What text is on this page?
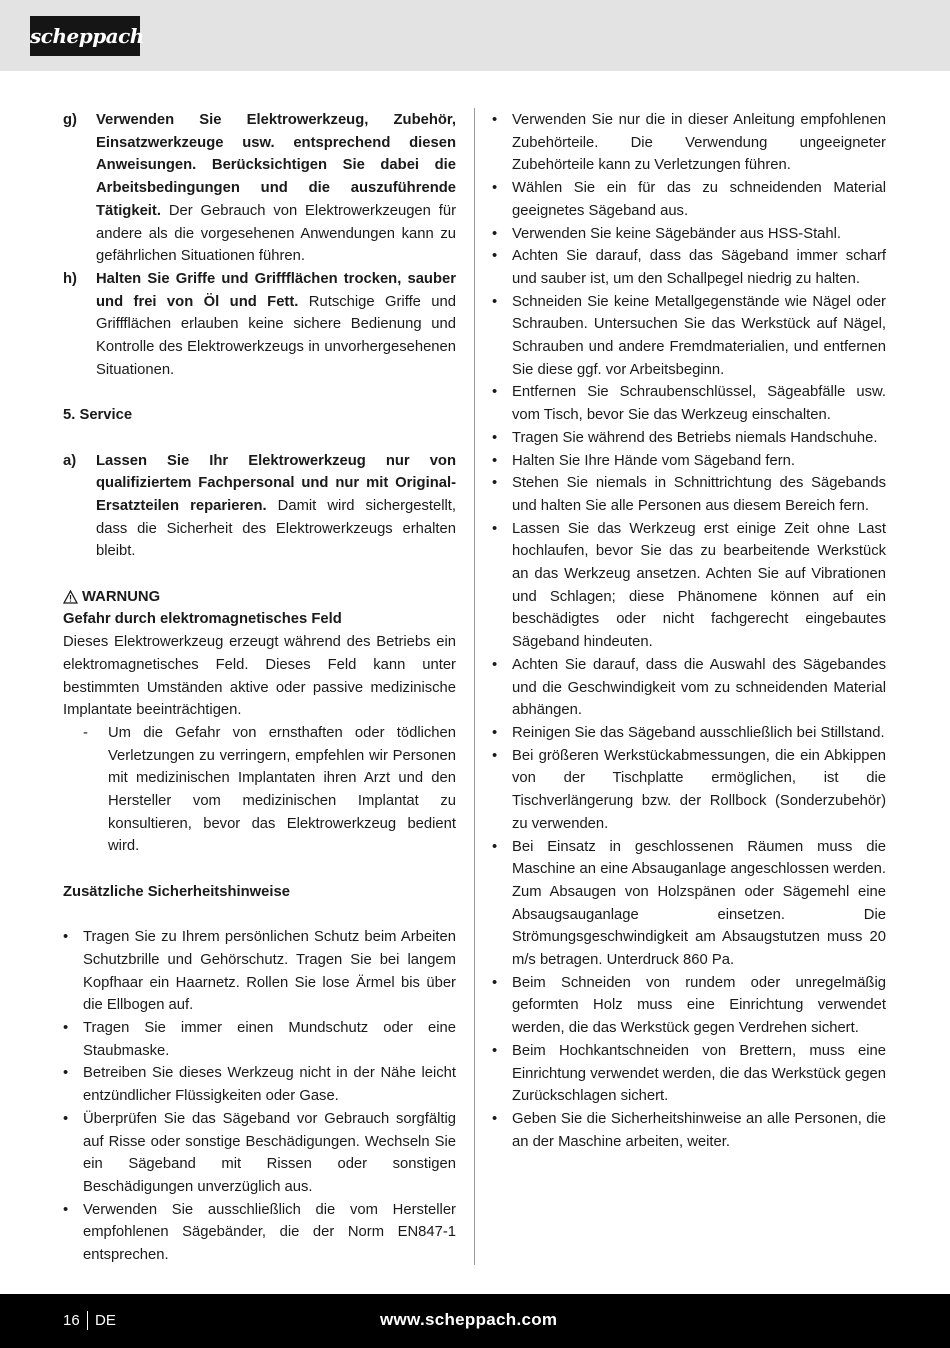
scheppach
g) Verwenden Sie Elektrowerkzeug, Zubehör, Einsatzwerkzeuge usw. entsprechend diesen Anweisungen. Berücksichtigen Sie dabei die Arbeitsbedingungen und die auszuführende Tätigkeit. Der Gebrauch von Elektrowerkzeugen für andere als die vorgesehenen Anwendungen kann zu gefährlichen Situationen führen.
h) Halten Sie Griffe und Griffflächen trocken, sauber und frei von Öl und Fett. Rutschige Griffe und Griffflächen erlauben keine sichere Bedienung und Kontrolle des Elektrowerkzeugs in unvorhergesehenen Situationen.
5. Service
a) Lassen Sie Ihr Elektrowerkzeug nur von qualifiziertem Fachpersonal und nur mit Original-Ersatzteilen reparieren. Damit wird sichergestellt, dass die Sicherheit des Elektrowerkzeugs erhalten bleibt.
WARNUNG
Gefahr durch elektromagnetisches Feld
Dieses Elektrowerkzeug erzeugt während des Betriebs ein elektromagnetisches Feld. Dieses Feld kann unter bestimmten Umständen aktive oder passive medizinische Implantate beeinträchtigen.
- Um die Gefahr von ernsthaften oder tödlichen Verletzungen zu verringern, empfehlen wir Personen mit medizinischen Implantaten ihren Arzt und den Hersteller vom medizinischen Implantat zu konsultieren, bevor das Elektrowerkzeug bedient wird.
Zusätzliche Sicherheitshinweise
•	Tragen Sie zu Ihrem persönlichen Schutz beim Arbeiten Schutzbrille und Gehörschutz. Tragen Sie bei langem Kopfhaar ein Haarnetz. Rollen Sie lose Ärmel bis über die Ellbogen auf.
•	Tragen Sie immer einen Mundschutz oder eine Staubmaske.
•	Betreiben Sie dieses Werkzeug nicht in der Nähe leicht entzündlicher Flüssigkeiten oder Gase.
•	Überprüfen Sie das Sägeband vor Gebrauch sorgfältig auf Risse oder sonstige Beschädigungen. Wechseln Sie ein Sägeband mit Rissen oder sonstigen Beschädigungen unverzüglich aus.
•	Verwenden Sie ausschließlich die vom Hersteller empfohlenen Sägebänder, die der Norm EN847-1 entsprechen.
•	Verwenden Sie nur die in dieser Anleitung empfohlenen Zubehörteile. Die Verwendung ungeeigneter Zubehörteile kann zu Verletzungen führen.
•	Wählen Sie ein für das zu schneidenden Material geeignetes Sägeband aus.
•	Verwenden Sie keine Sägebänder aus HSS-Stahl.
•	Achten Sie darauf, dass das Sägeband immer scharf und sauber ist, um den Schallpegel niedrig zu halten.
•	Schneiden Sie keine Metallgegenstände wie Nägel oder Schrauben. Untersuchen Sie das Werkstück auf Nägel, Schrauben und andere Fremdmaterialien, und entfernen Sie diese ggf. vor Arbeitsbeginn.
•	Entfernen Sie Schraubenschlüssel, Sägeabfälle usw. vom Tisch, bevor Sie das Werkzeug einschalten.
•	Tragen Sie während des Betriebs niemals Handschuhe.
•	Halten Sie Ihre Hände vom Sägeband fern.
•	Stehen Sie niemals in Schnittrichtung des Sägebands und halten Sie alle Personen aus diesem Bereich fern.
•	Lassen Sie das Werkzeug erst einige Zeit ohne Last hochlaufen, bevor Sie das zu bearbeitende Werkstück an das Werkzeug ansetzen. Achten Sie auf Vibrationen und Schlagen; diese Phänomene können auf ein beschädigtes oder nicht fachgerecht eingebautes Sägeband hindeuten.
•	Achten Sie darauf, dass die Auswahl des Sägebandes und die Geschwindigkeit vom zu schneidenden Material abhängen.
•	Reinigen Sie das Sägeband ausschließlich bei Stillstand.
•	Bei größeren Werkstückabmessungen, die ein Abkippen von der Tischplatte ermöglichen, ist die Tischverlängerung bzw. der Rollbock (Sonderzubehör) zu verwenden.
•	Bei Einsatz in geschlossenen Räumen muss die Maschine an eine Absauganlage angeschlossen werden. Zum Absaugen von Holzspänen oder Sägemehl eine Absaugsauganlage einsetzen. Die Strömungsgeschwindigkeit am Absaugstutzen muss 20 m/s betragen. Unterdruck 860 Pa.
•	Beim Schneiden von rundem oder unregelmäßig geformten Holz muss eine Einrichtung verwendet werden, die das Werkstück gegen Verdrehen sichert.
•	Beim Hochkantschneiden von Brettern, muss eine Einrichtung verwendet werden, die das Werkstück gegen Zurückschlagen sichert.
•	Geben Sie die Sicherheitshinweise an alle Personen, die an der Maschine arbeiten, weiter.
16 DE	www.scheppach.com
